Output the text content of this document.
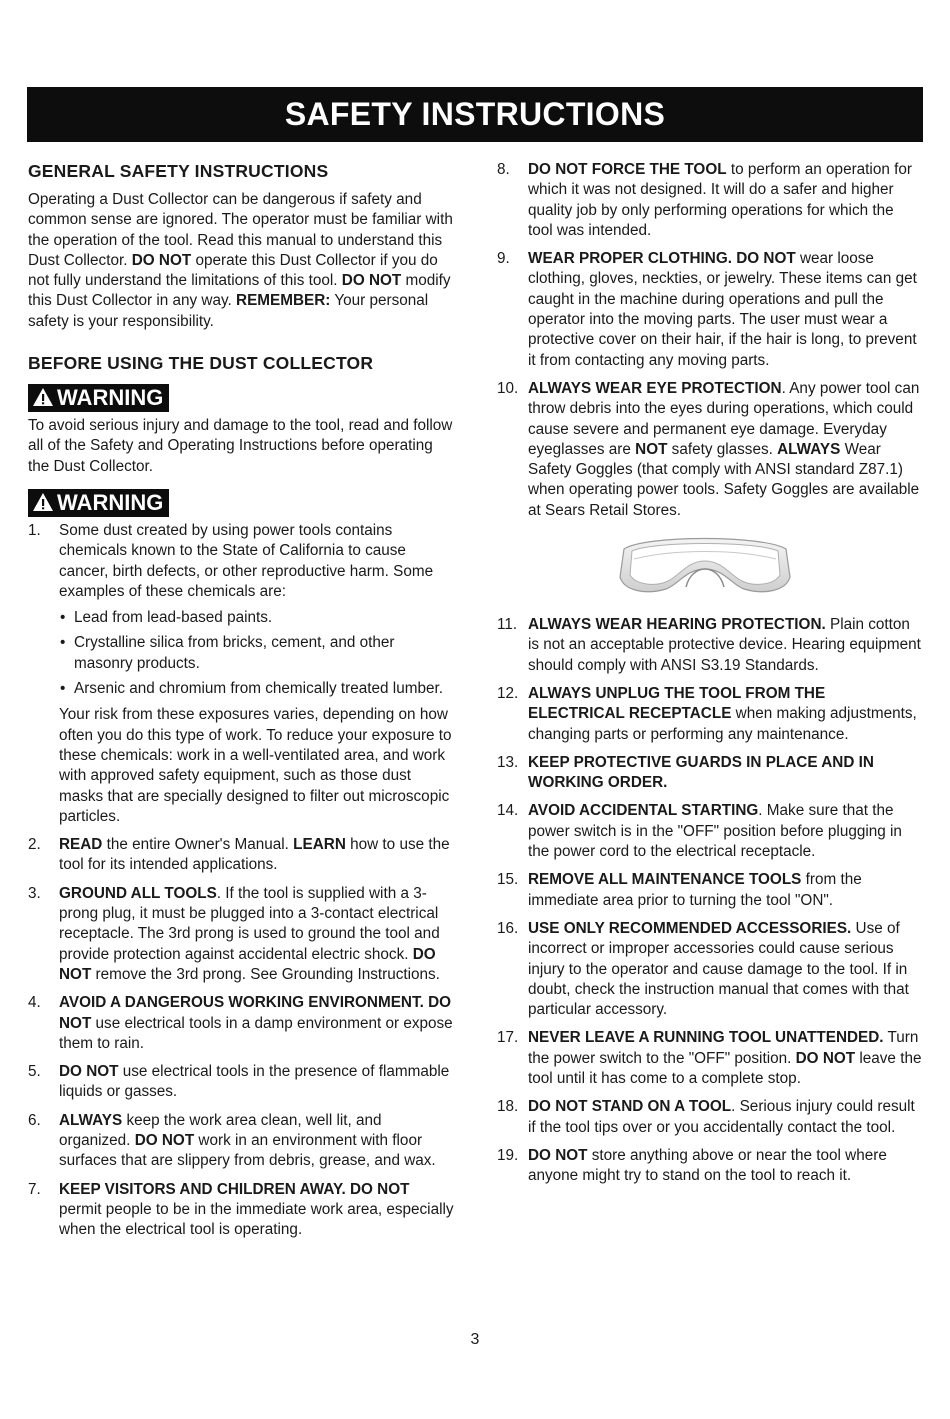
SAFETY INSTRUCTIONS
GENERAL SAFETY INSTRUCTIONS

Operating a Dust Collector can be dangerous if safety and common sense are ignored. The operator must be familiar with the operation of the tool. Read this manual to understand this Dust Collector. DO NOT operate this Dust Collector if you do not fully understand the limitations of this tool. DO NOT modify this Dust Collector in any way. REMEMBER: Your personal safety is your responsibility.

BEFORE USING THE DUST COLLECTOR
WARNING

To avoid serious injury and damage to the tool, read and follow all of the Safety and Operating Instructions before operating the Dust Collector.

WARNING
1. Some dust created by using power tools contains chemicals known to the State of California to cause cancer, birth defects, or other reproductive harm. Some examples of these chemicals are:

• Lead from lead-based paints.
• Crystalline silica from bricks, cement, and other masonry products.
• Arsenic and chromium from chemically treated lumber.

Your risk from these exposures varies, depending on how often you do this type of work. To reduce your exposure to these chemicals: work in a well-ventilated area, and work with approved safety equipment, such as those dust masks that are specially designed to filter out microscopic particles.

2. READ the entire Owner's Manual. LEARN how to use the tool for its intended applications.

3. GROUND ALL TOOLS. If the tool is supplied with a 3-prong plug, it must be plugged into a 3-contact electrical receptacle. The 3rd prong is used to ground the tool and provide protection against accidental electric shock. DO NOT remove the 3rd prong. See Grounding Instructions.

4. AVOID A DANGEROUS WORKING ENVIRONMENT. DO NOT use electrical tools in a damp environment or expose them to rain.

5. DO NOT use electrical tools in the presence of flammable liquids or gasses.

6. ALWAYS keep the work area clean, well lit, and organized. DO NOT work in an environment with floor surfaces that are slippery from debris, grease, and wax.

7. KEEP VISITORS AND CHILDREN AWAY. DO NOT permit people to be in the immediate work area, especially when the electrical tool is operating.

8. DO NOT FORCE THE TOOL to perform an operation for which it was not designed. It will do a safer and higher quality job by only performing operations for which the tool was intended.

9. WEAR PROPER CLOTHING. DO NOT wear loose clothing, gloves, neckties, or jewelry. These items can get caught in the machine during operations and pull the operator into the moving parts. The user must wear a protective cover on their hair, if the hair is long, to prevent it from contacting any moving parts.

10. ALWAYS WEAR EYE PROTECTION. Any power tool can throw debris into the eyes during operations, which could cause severe and permanent eye damage. Everyday eyeglasses are NOT safety glasses. ALWAYS Wear Safety Goggles (that comply with ANSI standard Z87.1) when operating power tools. Safety Goggles are available at Sears Retail Stores.

11. ALWAYS WEAR HEARING PROTECTION. Plain cotton is not an acceptable protective device. Hearing equipment should comply with ANSI S3.19 Standards.

12. ALWAYS UNPLUG THE TOOL FROM THE ELECTRICAL RECEPTACLE when making adjustments, changing parts or performing any maintenance.

13. KEEP PROTECTIVE GUARDS IN PLACE AND IN WORKING ORDER.

14. AVOID ACCIDENTAL STARTING. Make sure that the power switch is in the "OFF" position before plugging in the power cord to the electrical receptacle.

15. REMOVE ALL MAINTENANCE TOOLS from the immediate area prior to turning the tool "ON".

16. USE ONLY RECOMMENDED ACCESSORIES. Use of incorrect or improper accessories could cause serious injury to the operator and cause damage to the tool. If in doubt, check the instruction manual that comes with that particular accessory.

17. NEVER LEAVE A RUNNING TOOL UNATTENDED. Turn the power switch to the "OFF" position. DO NOT leave the tool until it has come to a complete stop.

18. DO NOT STAND ON A TOOL. Serious injury could result if the tool tips over or you accidentally contact the tool.

19. DO NOT store anything above or near the tool where anyone might try to stand on the tool to reach it.

3
